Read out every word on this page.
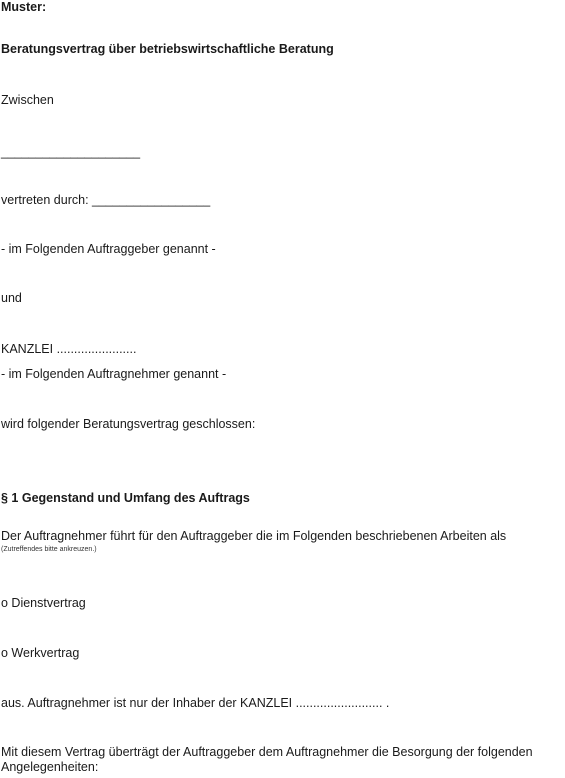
Muster:
Beratungsvertrag über betriebswirtschaftliche Beratung
Zwischen
____________________
vertreten durch: _________________
- im Folgenden Auftraggeber genannt -
und
KANZLEI .......................
- im Folgenden Auftragnehmer genannt -
wird folgender Beratungsvertrag geschlossen:
§ 1 Gegenstand und Umfang des Auftrags
Der Auftragnehmer führt für den Auftraggeber die im Folgenden beschriebenen Arbeiten als
(Zutreffendes bitte ankreuzen.)
o Dienstvertrag
o Werkvertrag
aus. Auftragnehmer ist nur der Inhaber der KANZLEI ......................... .
Mit diesem Vertrag überträgt der Auftraggeber dem Auftragnehmer die Besorgung der folgenden Angelegenheiten:
